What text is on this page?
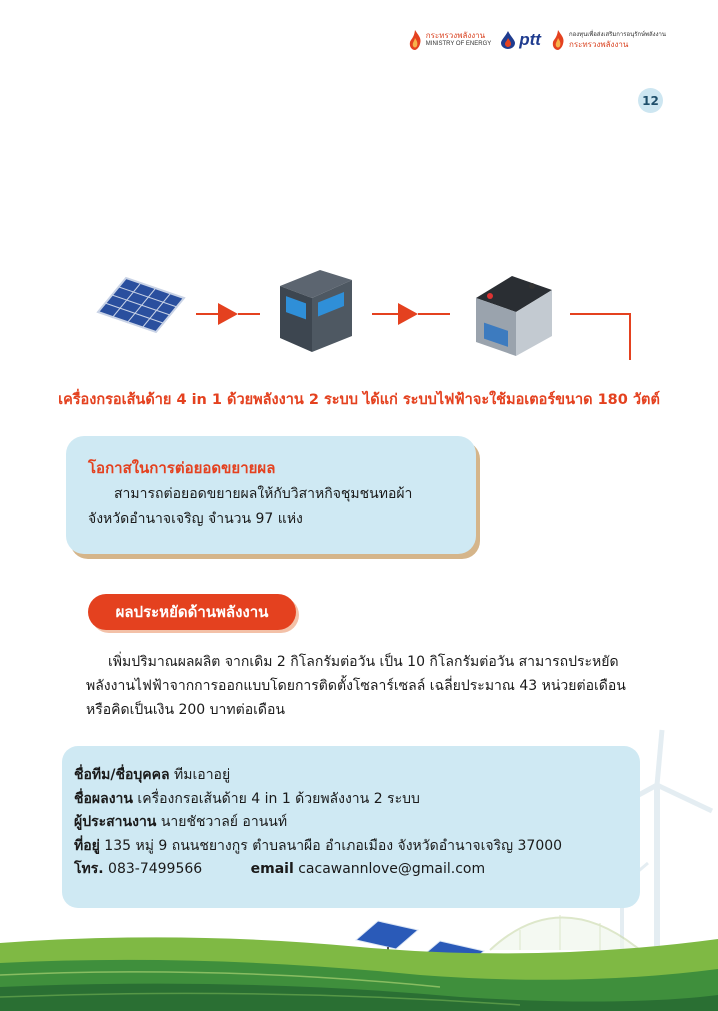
กระทรวงพลังงาน
MINISTRY OF ENERGY ptt	กองทุนเพื่อส่งเสริมการอนุรักษ์พลังงาน
กระทรวงพลังงาน
12
เครื่องกรอเส้นด้าย 4 in 1 ด้วยพลังงาน 2 ระบบ ได้แก่ ระบบไฟฟ้าจะใช้มอเตอร์ขนาด 180 วัตต์
โอกาสในการต่อยอดขยายผล
สามารถต่อยอดขยายผลให้กับวิสาหกิจชุมชนทอผ้า
จังหวัดอำนาจเจริญ จำนวน 97 แห่ง
ผลประหยัดด้านพลังงาน
เพิ่มปริมาณผลผลิต จากเดิม 2 กิโลกรัมต่อวัน เป็น 10 กิโลกรัมต่อวัน สามารถประหยัด
พลังงานไฟฟ้าจากการออกแบบโดยการติดตั้งโซลาร์เซลล์ เฉลี่ยประมาณ 43 หน่วยต่อเดือน
หรือคิดเป็นเงิน 200 บาทต่อเดือน
ชื่อทีม/ชื่อบุคคล ทีมเอาอยู่
ชื่อผลงาน เครื่องกรอเส้นด้าย 4 in 1 ด้วยพลังงาน 2 ระบบ
ผู้ประสานงาน นายชัชวาลย์ อานนท์
ที่อยู่ 135 หมู่ 9 ถนนชยางกูร ตำบลนาผือ อำเภอเมือง จังหวัดอำนาจเจริญ 37000
โทร. 083-7499566	email cacawannlove@gmail.com
